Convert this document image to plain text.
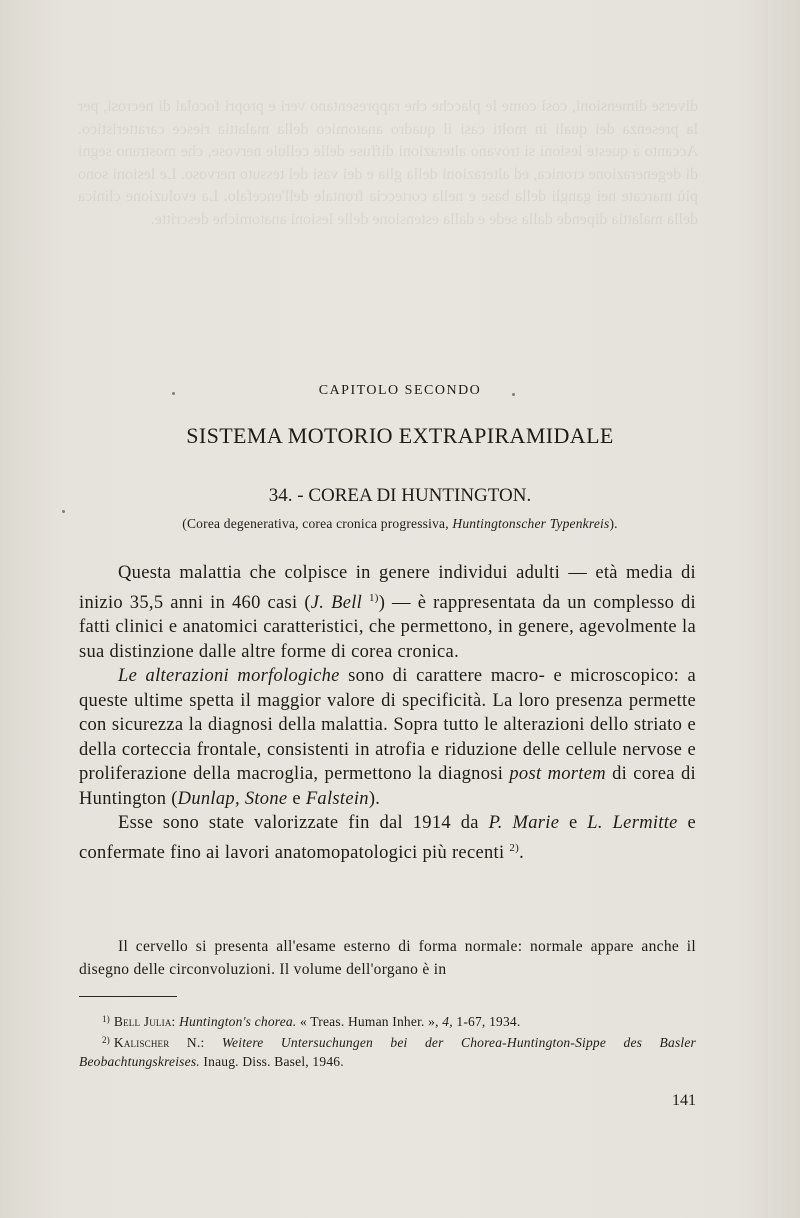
diverse dimensioni, così come le placche che rappresentano veri e propri focolai di necrosi, per la presenza dei quali in molti casi il quadro anatomico della malattia riesce caratteristico. Accanto a queste lesioni si trovano alterazioni diffuse delle cellule nervose, che mostrano segni di degenerazione cronica, ed alterazioni della glia e dei vasi del tessuto nervoso. Le lesioni sono più marcate nei gangli della base e nella corteccia frontale dell'encefalo. La evoluzione clinica della malattia dipende dalla sede e dalla estensione delle lesioni anatomiche descritte.
CAPITOLO SECONDO
SISTEMA MOTORIO EXTRAPIRAMIDALE
34. - COREA DI HUNTINGTON.
(Corea degenerativa, corea cronica progressiva, Huntingtonscher Typenkreis).

Questa malattia che colpisce in genere individui adulti — età media di inizio 35,5 anni in 460 casi (J. Bell $^{1)}$) — è rappresentata da un complesso di fatti clinici e anatomici caratteristici, che permettono, in genere, agevolmente la sua distinzione dalle altre forme di corea cronica.

Le alterazioni morfologiche sono di carattere macro- e microscopico: a queste ultime spetta il maggior valore di specificità. La loro presenza permette con sicurezza la diagnosi della malattia. Sopra tutto le alterazioni dello striato e della corteccia frontale, consistenti in atrofia e riduzione delle cellule nervose e proliferazione della macroglia, permettono la diagnosi post mortem di corea di Huntington (Dunlap, Stone e Falstein).

Esse sono state valorizzate fin dal 1914 da P. Marie e L. Lermitte e confermate fino ai lavori anatomopatologici più recenti $^{2)}$.

Il cervello si presenta all'esame esterno di forma normale: normale appare anche il disegno delle circonvoluzioni. Il volume dell'organo è in

$^{1)}$ Bell Julia: Huntington's chorea. « Treas. Human Inher. », 4, 1-67, 1934.

$^{2)}$ Kalischer N.: Weitere Untersuchungen bei der Chorea-Huntington-Sippe des Basler Beobachtungskreises. Inaug. Diss. Basel, 1946.

141
